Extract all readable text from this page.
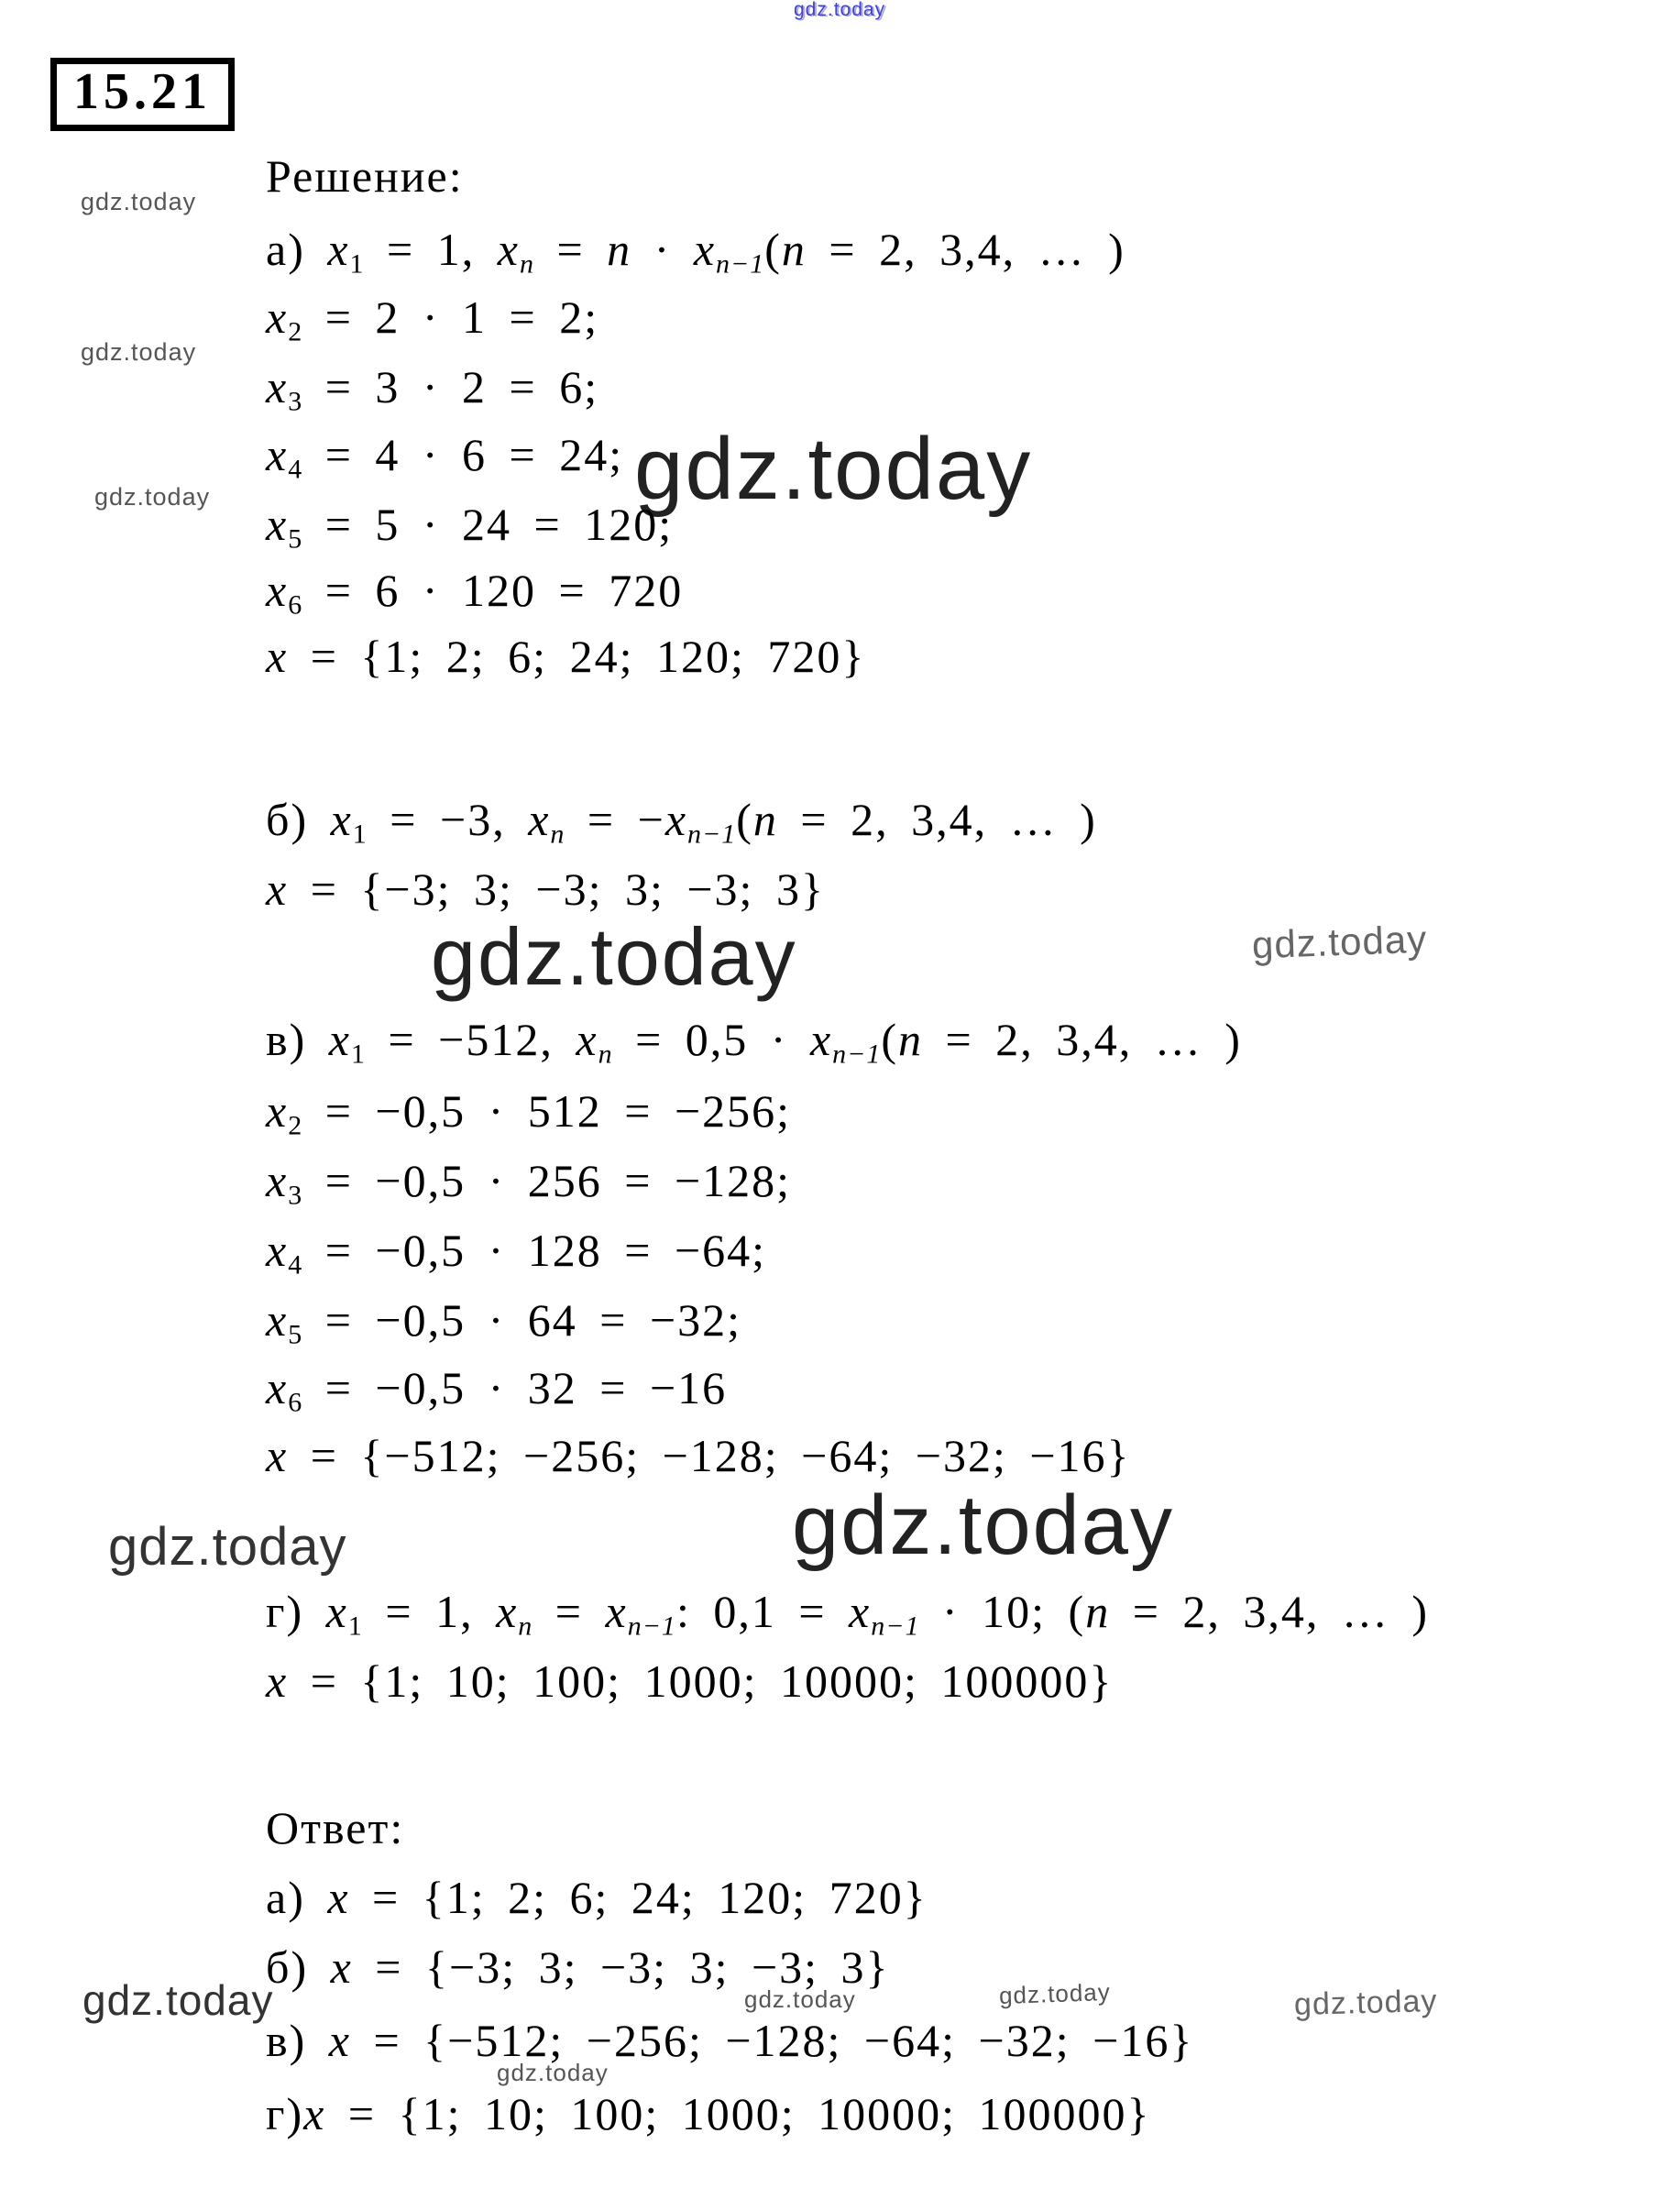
gdz.today
gdz.today
gdz.today
gdz.today	gdz.today
gdz.today	gdz.today
gdz.today
gdz.today
gdz.today	gdz.today	gdz.today	gdz.today
gdz.today
15.21
Решение:
а) $x_1 = 1$, $x_n = n \cdot x_{n-1}(n = 2$, 3,4, … )
$x_2 = 2 \cdot 1 = 2$;
$x_3 = 3 \cdot 2 = 6$;
$x_4 = 4 \cdot 6 = 24$;
$x_5 = 5 \cdot 24 = 120$;
$x_6 = 6 \cdot 120 = 720$
x = {1; 2; 6; 24; 120; 720}
б) $x_1 = -3$, $x_n = -x_{n-1}(n = 2$, 3,4, … )
x = {−3; 3; −3; 3; −3; 3}
в) $x_1 = -512$, $x_n = 0,5 \cdot x_{n-1}(n = 2$, 3,4, … )
$x_2 = -0,5 \cdot 512 = -256$;
$x_3 = -0,5 \cdot 256 = -128$;
$x_4 = -0,5 \cdot 128 = -64$;
$x_5 = -0,5 \cdot 64 = -32$;
$x_6 = -0,5 \cdot 32 = -16$
x = {−512; −256; −128; −64; −32; −16}
г) $x_1 = 1$, $x_n = x_{n-1}$: $0,1 = x_{n-1} \cdot 10$; (n = 2, 3,4, … )
x = {1; 10; 100; 1000; 10000; 100000}
Ответ:
а) x = {1; 2; 6; 24; 120; 720}
б) x = {−3; 3; −3; 3; −3; 3}
в) x = {−512; −256; −128; −64; −32; −16}
г)x = {1; 10; 100; 1000; 10000; 100000}
